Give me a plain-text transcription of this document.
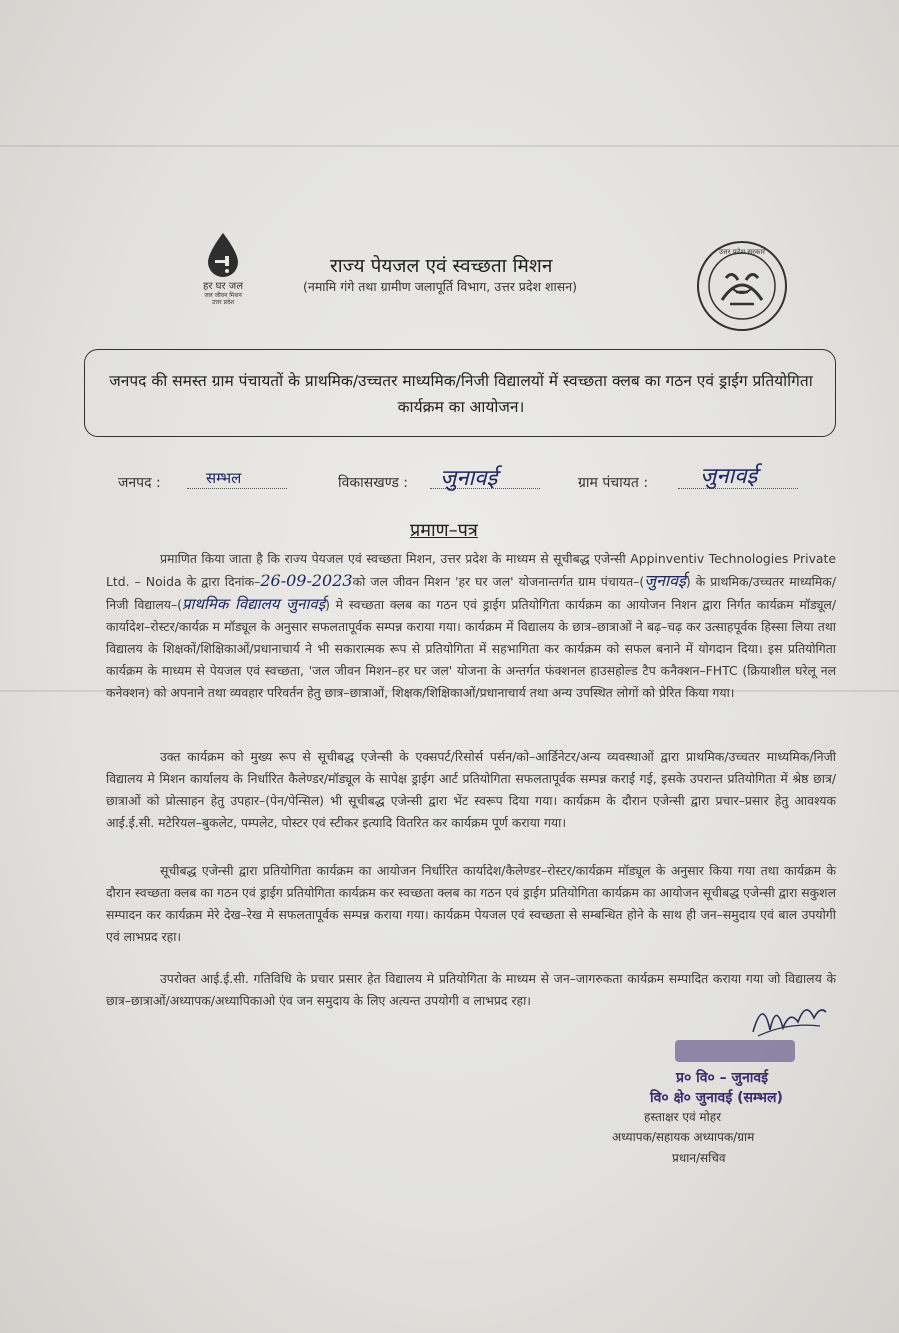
हर घर जल
जल जीवन मिशन
उत्तर प्रदेश
राज्य पेयजल एवं स्वच्छता मिशन
(नमामि गंगे तथा ग्रामीण जलापूर्ति विभाग, उत्तर प्रदेश शासन)
उत्तर प्रदेश सरकार
जनपद की समस्त ग्राम पंचायतों के प्राथमिक/उच्चतर माध्यमिक/निजी विद्यालयों में स्वच्छता क्लब का गठन एवं ड्राईग प्रतियोगिता कार्यक्रम का आयोजन।
जनपद :	सम्भल	विकासखण्ड : जुनावई	ग्राम पंचायत : जुनावई
प्रमाण–पत्र

प्रमाणित किया जाता है कि राज्य पेयजल एवं स्वच्छता मिशन, उत्तर प्रदेश के माध्यम से सूचीबद्ध एजेन्सी Appinventiv Technologies Private Ltd. – Noida के द्वारा दिनांक–26-09-2023को जल जीवन मिशन 'हर घर जल' योजनान्तर्गत ग्राम पंचायत–(जुनावई) के प्राथमिक/उच्चतर माध्यमिक/निजी विद्यालय–(प्राथमिक विद्यालय जुनावई) मे स्वच्छता क्लब का गठन एवं ड्राईग प्रतियोगिता कार्यक्रम का आयोजन निशन द्वारा निर्गत कार्यक्रम मॉड्यूल/कार्यादेश–रोस्टर/कार्यक्र म मॉड्यूल के अनुसार सफलतापूर्वक सम्पन्न कराया गया। कार्यक्रम में विद्यालय के छात्र–छात्राओं ने बढ़–चढ़ कर उत्साहपूर्वक हिस्सा लिया तथा विद्यालय के शिक्षकों/शिक्षिकाओं/प्रधानाचार्य ने भी सकारात्मक रूप से प्रतियोगिता में सहभागिता कर कार्यक्रम को सफल बनाने में योगदान दिया। इस प्रतियोगिता कार्यक्रम के माध्यम से पेयजल एवं स्वच्छता, 'जल जीवन मिशन–हर घर जल' योजना के अन्तर्गत फंक्शनल हाउसहोल्ड टैप कनैक्शन–FHTC (क्रियाशील घरेलू नल कनेक्शन) को अपनाने तथा व्यवहार परिवर्तन हेतु छात्र–छात्राओं, शिक्षक/शिक्षिकाओं/प्रधानाचार्य तथा अन्य उपस्थित लोगों को प्रेरित किया गया।

उक्त कार्यक्रम को मुख्य रूप से सूचीबद्ध एजेन्सी के एक्सपर्ट/रिसोर्स पर्सन/को–आर्डिनेटर/अन्य व्यवस्थाओं द्वारा प्राथमिक/उच्चतर माध्यमिक/निजी विद्यालय मे मिशन कार्यालय के निर्धारित कैलेण्डर/मॉड्यूल के सापेक्ष ड्राईग आर्ट प्रतियोगिता सफलतापूर्वक सम्पन्न कराई गई, इसके उपरान्त प्रतियोगिता में श्रेष्ठ छात्र/छात्राओं को प्रोत्साहन हेतु उपहार–(पेन/पेन्सिल) भी सूचीबद्ध एजेन्सी द्वारा भेंट स्वरूप दिया गया। कार्यक्रम के दौरान एजेन्सी द्वारा प्रचार–प्रसार हेतु आवश्यक आई.ई.सी. मटेरियल–बुकलेट, पम्पलेट, पोस्टर एवं स्टीकर इत्यादि वितरित कर कार्यक्रम पूर्ण कराया गया।

सूचीबद्ध एजेन्सी द्वारा प्रतियोगिता कार्यक्रम का आयोजन निर्धारित कार्यादेश/कैलेण्डर–रोस्टर/कार्यक्रम मॉड्यूल के अनुसार किया गया तथा कार्यक्रम के दौरान स्वच्छता क्लब का गठन एवं ड्राईग प्रतियोगिता कार्यक्रम कर स्वच्छता क्लब का गठन एवं ड्राईग प्रतियोगिता कार्यक्रम का आयोजन सूचीबद्ध एजेन्सी द्वारा सकुशल सम्पादन कर कार्यक्रम मेरे देख–रेख मे सफलतापूर्वक सम्पन्न कराया गया। कार्यक्रम पेयजल एवं स्वच्छता से सम्बन्धित होने के साथ ही जन–समुदाय एवं बाल उपयोगी एवं लाभप्रद रहा।

उपरोक्त आई.ई.सी. गतिविधि के प्रचार प्रसार हेत विद्यालय मे प्रतियोगिता के माध्यम से जन–जागरुकता कार्यक्रम सम्पादित कराया गया जो विद्यालय के छात्र–छात्राओं/अध्यापक/अध्यापिकाओ एंव जन समुदाय के लिए अत्यन्त उपयोगी व लाभप्रद रहा।

प्र० वि० – जुनावई
वि० क्षे० जुनावई (सम्भल)
हस्ताक्षर एवं मोहर
अध्यापक/सहायक अध्यापक/ग्राम
प्रधान/सचिव
